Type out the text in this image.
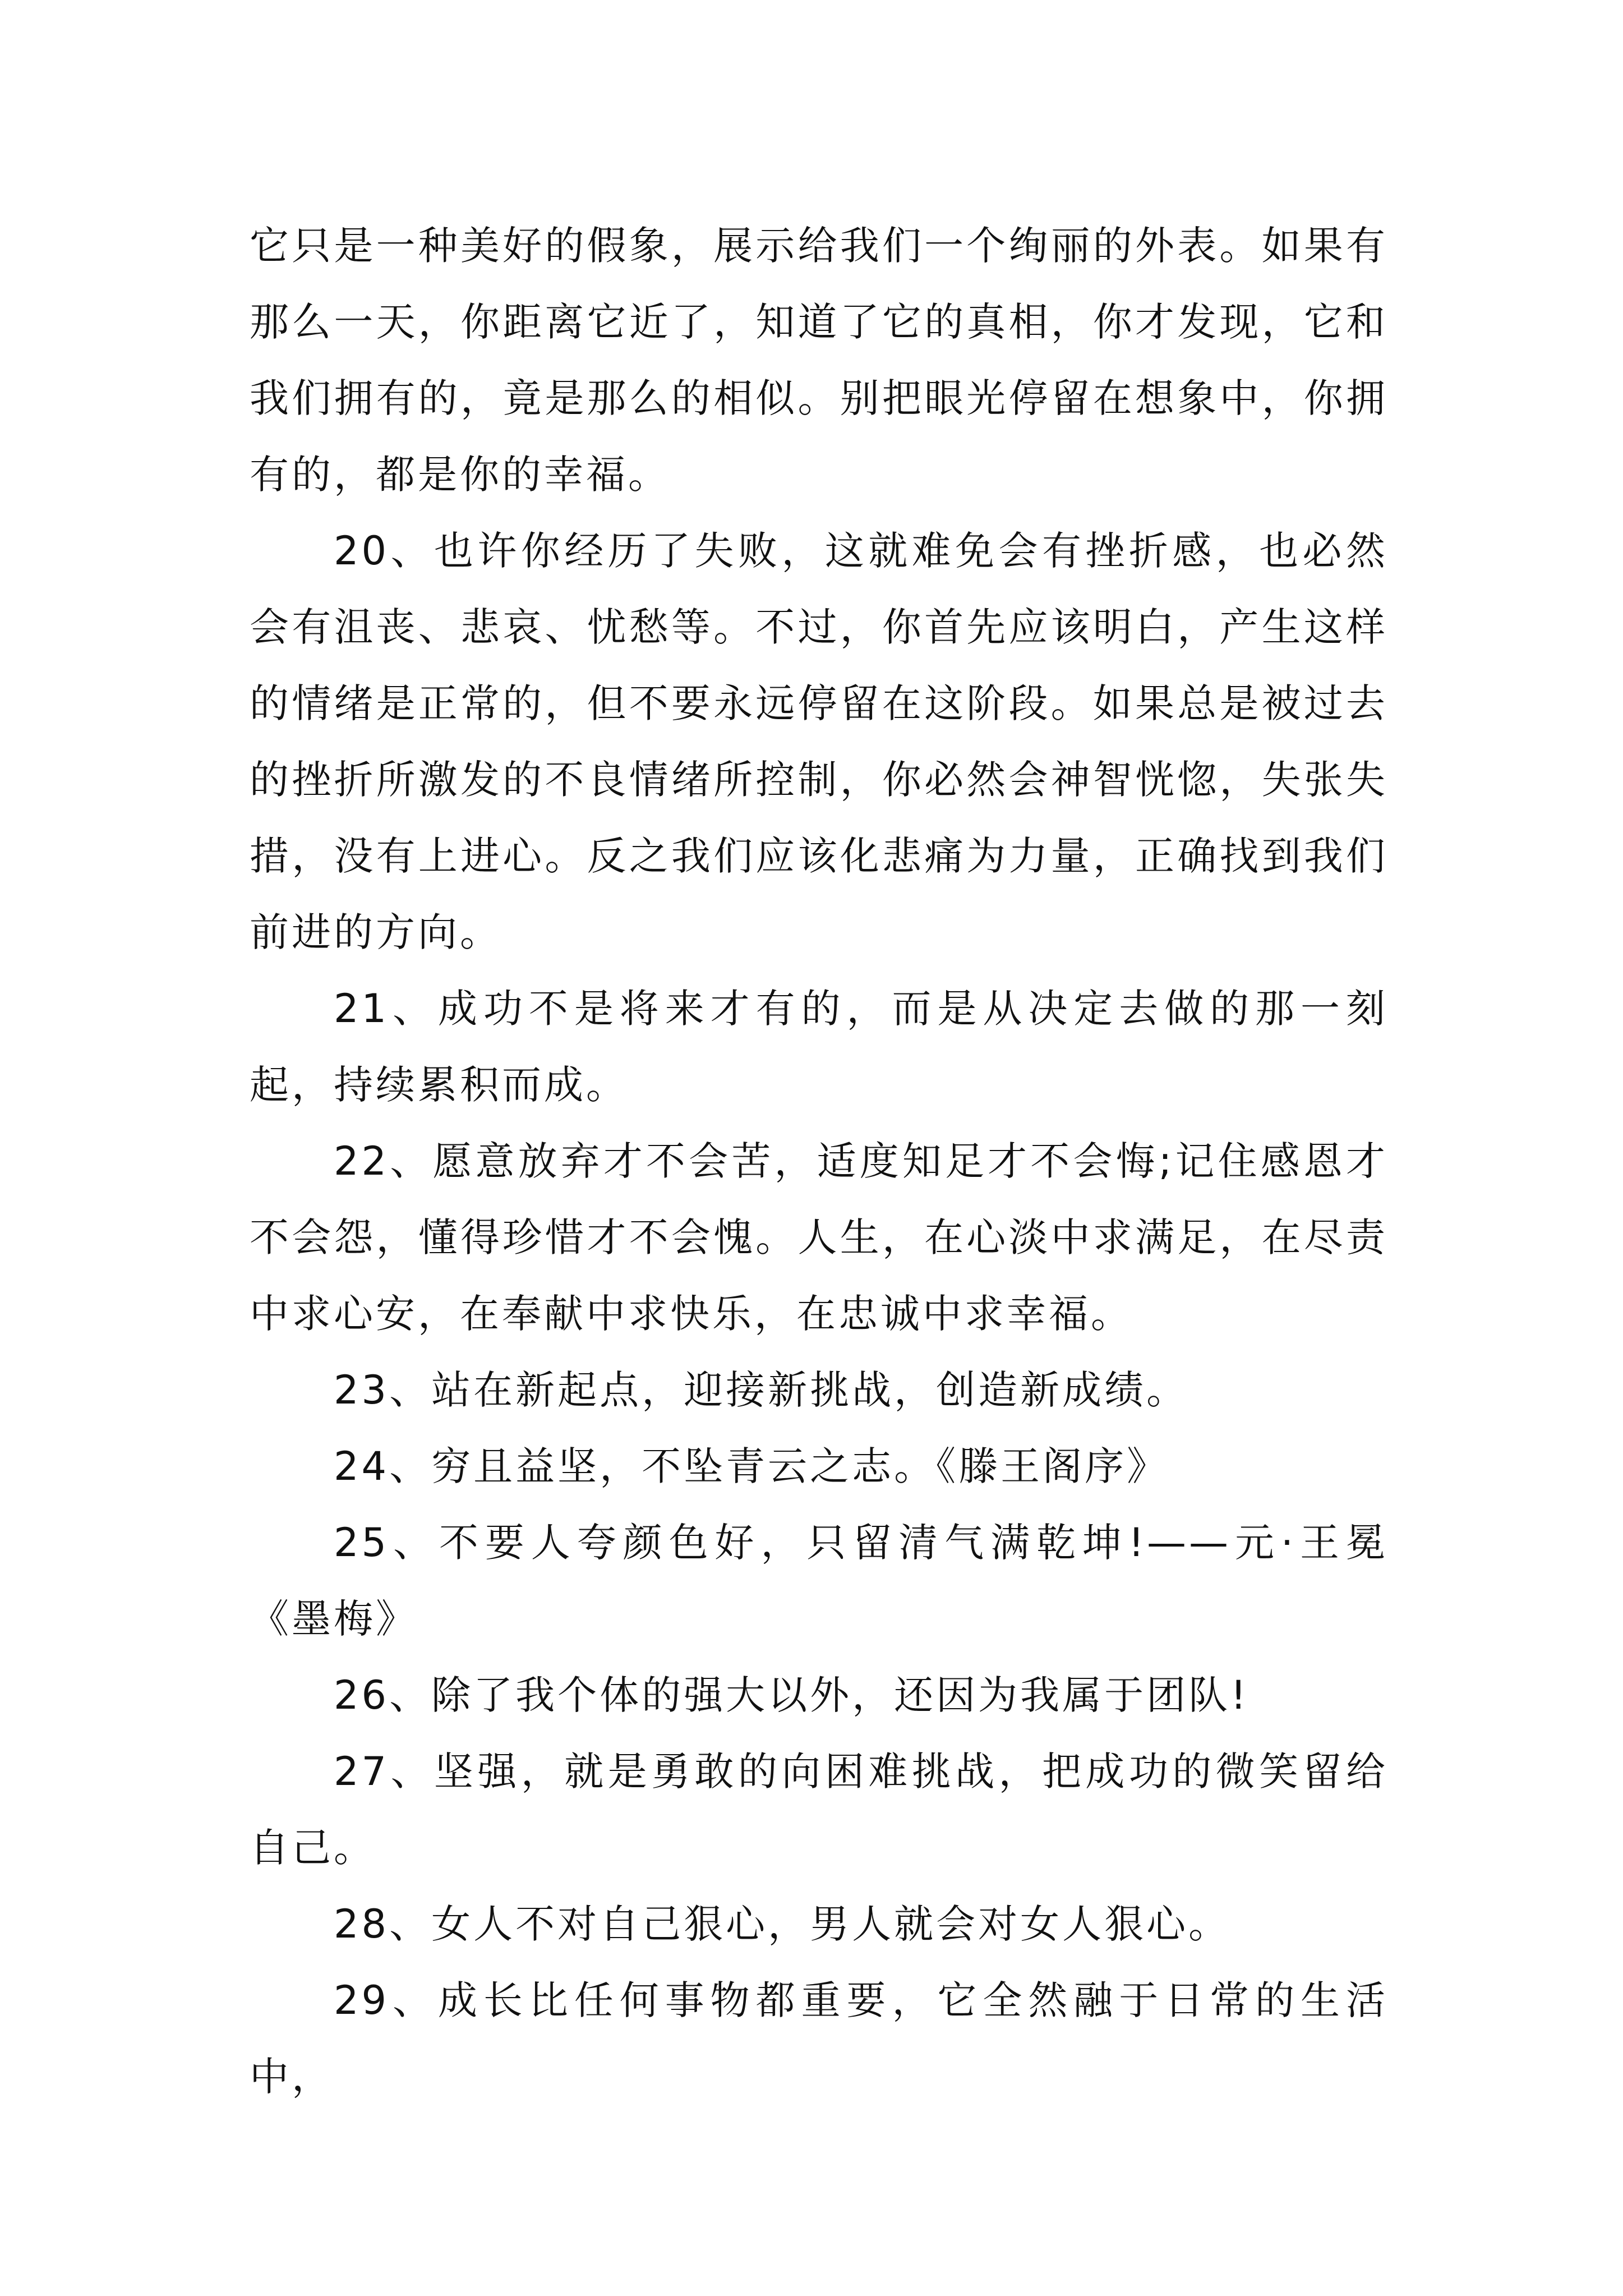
它只是一种美好的假象，展示给我们一个绚丽的外表。如果有那么一天，你距离它近了，知道了它的真相，你才发现，它和我们拥有的，竟是那么的相似。别把眼光停留在想象中，你拥有的，都是你的幸福。

20、也许你经历了失败，这就难免会有挫折感，也必然会有沮丧、悲哀、忧愁等。不过，你首先应该明白，产生这样的情绪是正常的，但不要永远停留在这阶段。如果总是被过去的挫折所激发的不良情绪所控制，你必然会神智恍惚，失张失措，没有上进心。反之我们应该化悲痛为力量，正确找到我们前进的方向。

21、成功不是将来才有的，而是从决定去做的那一刻起，持续累积而成。

22、愿意放弃才不会苦，适度知足才不会悔;记住感恩才不会怨，懂得珍惜才不会愧。人生，在心淡中求满足，在尽责中求心安，在奉献中求快乐，在忠诚中求幸福。

23、站在新起点，迎接新挑战，创造新成绩。

24、穷且益坚，不坠青云之志。《滕王阁序》

25、不要人夸颜色好，只留清气满乾坤!——元·王冕《墨梅》

26、除了我个体的强大以外，还因为我属于团队!

27、坚强，就是勇敢的向困难挑战，把成功的微笑留给自己。

28、女人不对自己狠心，男人就会对女人狠心。

29、成长比任何事物都重要，它全然融于日常的生活中，
